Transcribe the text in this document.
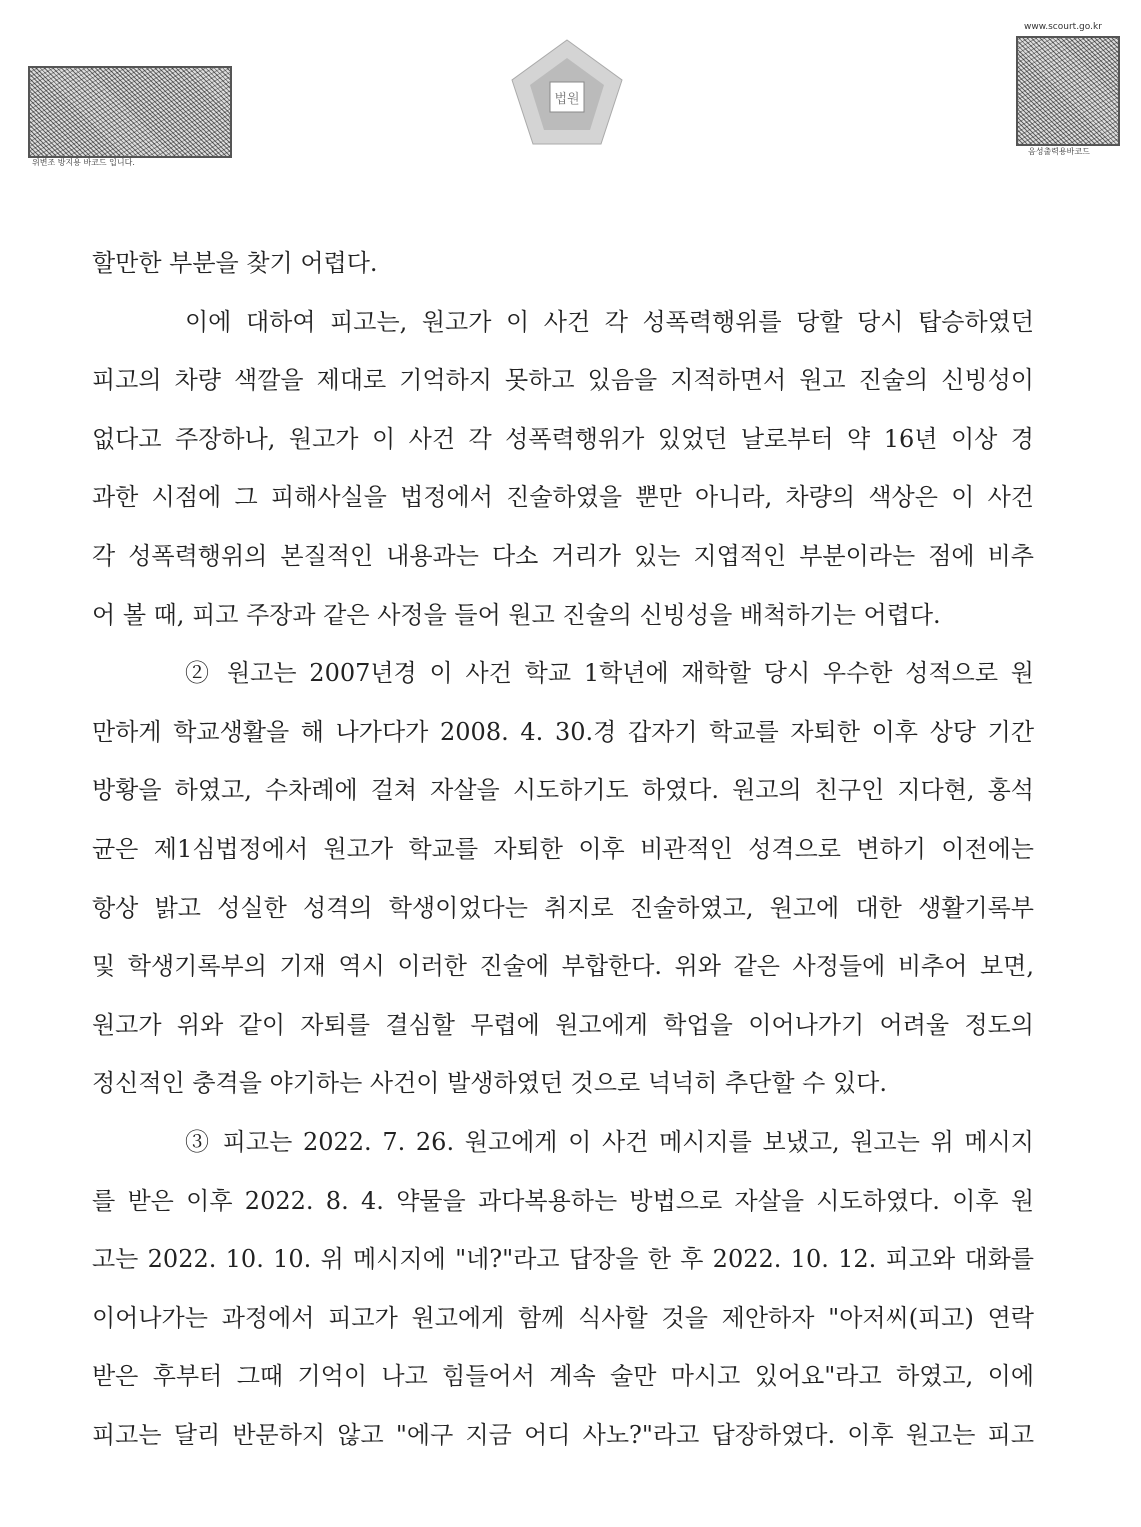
위변조 방지용 바코드 입니다.
법원
www.scourt.go.kr
음성출력용바코드
할만한 부분을 찾기 어렵다.
이에 대하여 피고는, 원고가 이 사건 각 성폭력행위를 당할 당시 탑승하였던
피고의 차량 색깔을 제대로 기억하지 못하고 있음을 지적하면서 원고 진술의 신빙성이
없다고 주장하나, 원고가 이 사건 각 성폭력행위가 있었던 날로부터 약 16년 이상 경
과한 시점에 그 피해사실을 법정에서 진술하였을 뿐만 아니라, 차량의 색상은 이 사건
각 성폭력행위의 본질적인 내용과는 다소 거리가 있는 지엽적인 부분이라는 점에 비추
어 볼 때, 피고 주장과 같은 사정을 들어 원고 진술의 신빙성을 배척하기는 어렵다.
② 원고는 2007년경 이 사건 학교 1학년에 재학할 당시 우수한 성적으로 원
만하게 학교생활을 해 나가다가 2008. 4. 30.경 갑자기 학교를 자퇴한 이후 상당 기간
방황을 하였고, 수차례에 걸쳐 자살을 시도하기도 하였다. 원고의 친구인 지다현, 홍석
균은 제1심법정에서 원고가 학교를 자퇴한 이후 비관적인 성격으로 변하기 이전에는
항상 밝고 성실한 성격의 학생이었다는 취지로 진술하였고, 원고에 대한 생활기록부
및 학생기록부의 기재 역시 이러한 진술에 부합한다. 위와 같은 사정들에 비추어 보면,
원고가 위와 같이 자퇴를 결심할 무렵에 원고에게 학업을 이어나가기 어려울 정도의
정신적인 충격을 야기하는 사건이 발생하였던 것으로 넉넉히 추단할 수 있다.
③ 피고는 2022. 7. 26. 원고에게 이 사건 메시지를 보냈고, 원고는 위 메시지
를 받은 이후 2022. 8. 4. 약물을 과다복용하는 방법으로 자살을 시도하였다. 이후 원
고는 2022. 10. 10. 위 메시지에 "네?"라고 답장을 한 후 2022. 10. 12. 피고와 대화를
이어나가는 과정에서 피고가 원고에게 함께 식사할 것을 제안하자 "아저씨(피고) 연락
받은 후부터 그때 기억이 나고 힘들어서 계속 술만 마시고 있어요"라고 하였고, 이에
피고는 달리 반문하지 않고 "에구 지금 어디 사노?"라고 답장하였다. 이후 원고는 피고
